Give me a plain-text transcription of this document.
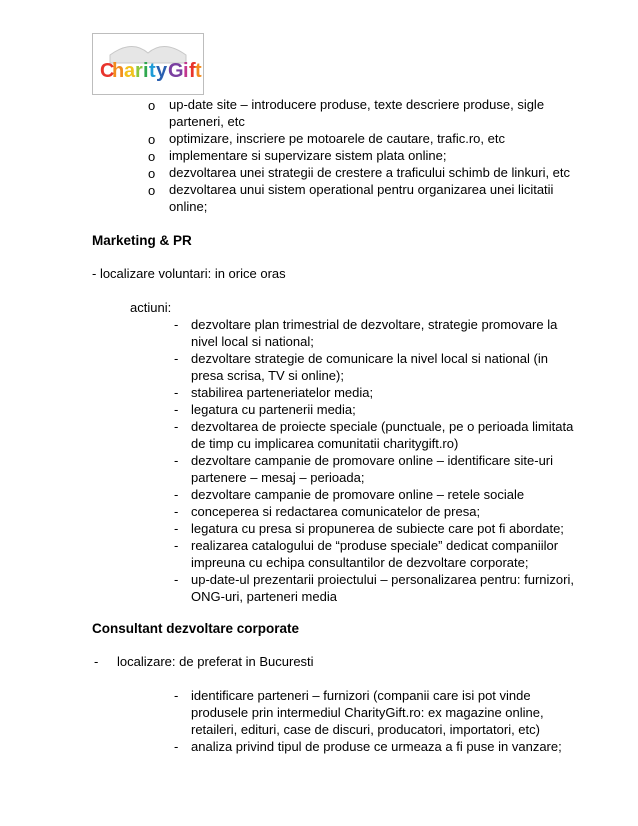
C
h a r i t y G i f t
o up-date site – introducere produse, texte descriere produse, sigle
parteneri, etc
o optimizare, inscriere pe motoarele de cautare, trafic.ro, etc
o implementare si supervizare sistem plata online;
o dezvoltarea unei strategii de crestere a traficului schimb de linkuri, etc
o dezvoltarea unui sistem operational pentru organizarea unei licitatii
online;
Marketing & PR
- localizare voluntari: in orice oras
actiuni:
- dezvoltare plan trimestrial de dezvoltare, strategie promovare la
nivel local si national;
- dezvoltare strategie de comunicare la nivel local si national (in
presa scrisa, TV si online);
- stabilirea parteneriatelor media;
- legatura cu partenerii media;
- dezvoltarea de proiecte speciale (punctuale, pe o perioada limitata
de timp cu implicarea comunitatii charitygift.ro)
- dezvoltare campanie de promovare online – identificare site-uri
partenere – mesaj – perioada;
- dezvoltare campanie de promovare online – retele sociale
- conceperea si redactarea comunicatelor de presa;
- legatura cu presa si propunerea de subiecte care pot fi abordate;
- realizarea catalogului de “produse speciale” dedicat companiilor
impreuna cu echipa consultantilor de dezvoltare corporate;
- up-date-ul prezentarii proiectului – personalizarea pentru: furnizori,
ONG-uri, parteneri media
Consultant dezvoltare corporate
- localizare: de preferat in Bucuresti
- identificare parteneri – furnizori (companii care isi pot vinde
produsele prin intermediul CharityGift.ro: ex magazine online,
retaileri, edituri, case de discuri, producatori, importatori, etc)
- analiza privind tipul de produse ce urmeaza a fi puse in vanzare;
